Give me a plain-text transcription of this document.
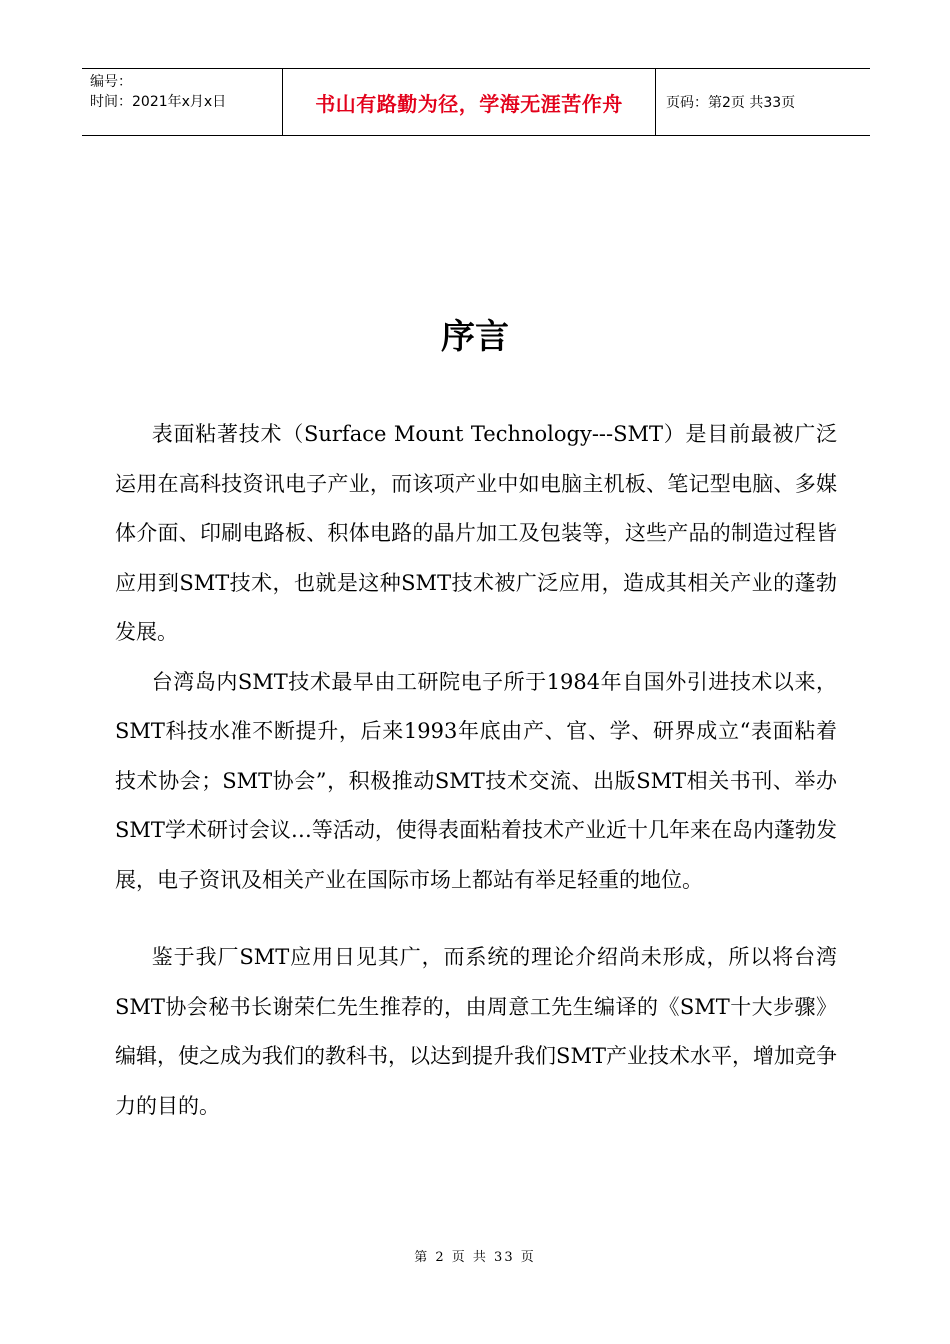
编号：
时间：2021年x月x日	书山有路勤为径，学海无涯苦作舟	页码：第2页 共33页
序言

表面粘著技术（Surface Mount Technology---SMT）是目前最被广泛运用在高科技资讯电子产业，而该项产业中如电脑主机板、笔记型电脑、多媒体介面、印刷电路板、积体电路的晶片加工及包装等，这些产品的制造过程皆应用到SMT技术，也就是这种SMT技术被广泛应用，造成其相关产业的蓬勃发展。

台湾岛内SMT技术最早由工研院电子所于1984年自国外引进技术以来，SMT科技水准不断提升，后来1993年底由产、官、学、研界成立“表面粘着技术协会；SMT协会”，积极推动SMT技术交流、出版SMT相关书刊、举办SMT学术研讨会议…等活动，使得表面粘着技术产业近十几年来在岛内蓬勃发展，电子资讯及相关产业在国际市场上都站有举足轻重的地位。

鉴于我厂SMT应用日见其广，而系统的理论介绍尚未形成，所以将台湾SMT协会秘书长谢荣仁先生推荐的，由周意工先生编译的《SMT十大步骤》编辑，使之成为我们的教科书，以达到提升我们SMT产业技术水平，增加竞争力的目的。

第 2 页 共 33 页
